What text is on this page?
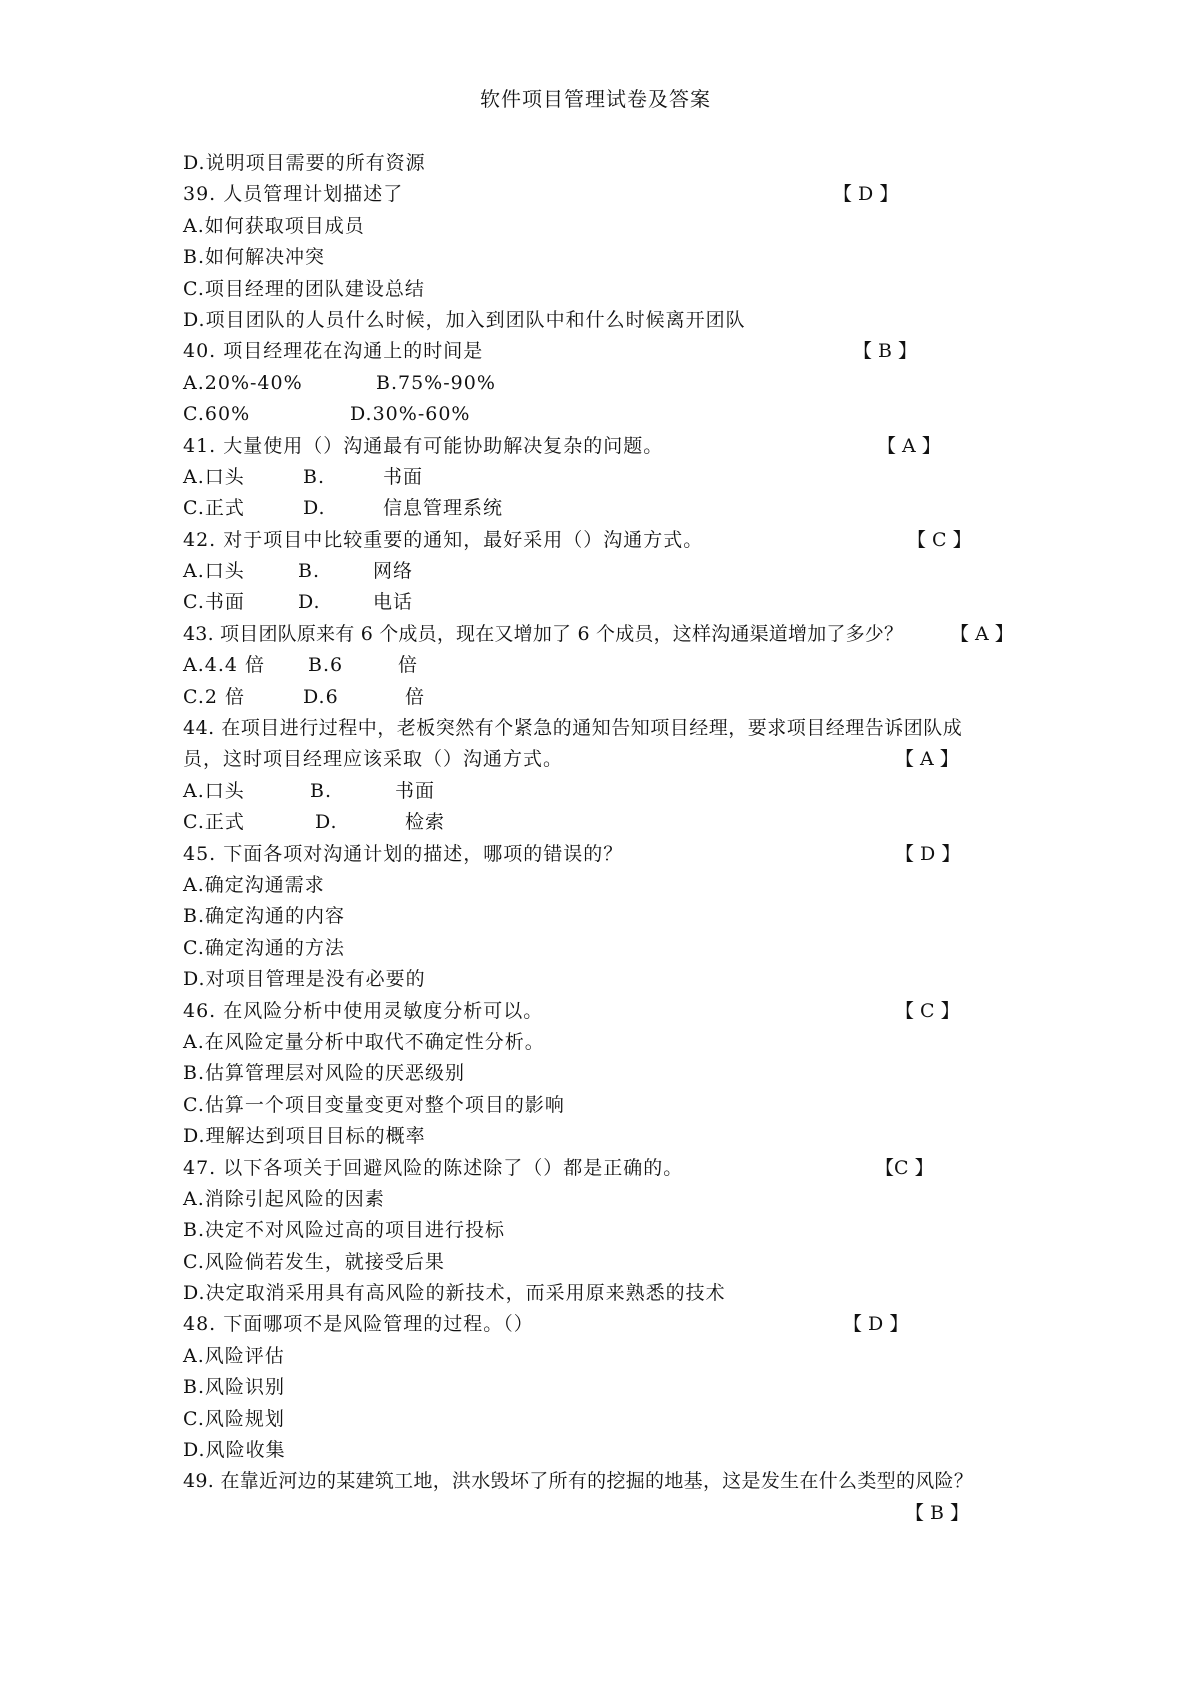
软件项目管理试卷及答案
D.说明项目需要的所有资源
39. 人员管理计划描述了	【 D 】
A.如何获取项目成员
B.如何解决冲突
C.项目经理的团队建设总结
D.项目团队的人员什么时候，加入到团队中和什么时候离开团队
40. 项目经理花在沟通上的时间是	【 B 】
A.20%-40%	B.75%-90%
C.60%	D.30%-60%
41. 大量使用（）沟通最有可能协助解决复杂的问题。	【 A 】
A.口头	B.	书面
C.正式	D.	信息管理系统
42. 对于项目中比较重要的通知，最好采用（）沟通方式。	【 C 】
A.口头	B.	网络
C.书面	D.	电话
43. 项目团队原来有 6 个成员，现在又增加了 6 个成员，这样沟通渠道增加了多少？ 【 A 】
A.4.4 倍 B.6	倍
C.2 倍	D.6	倍
44. 在项目进行过程中，老板突然有个紧急的通知告知项目经理，要求项目经理告诉团队成
员，这时项目经理应该采取（）沟通方式。	【 A 】
A.口头	B.	书面
C.正式	D.	检索
45. 下面各项对沟通计划的描述，哪项的错误的？	【 D 】
A.确定沟通需求
B.确定沟通的内容
C.确定沟通的方法
D.对项目管理是没有必要的
46. 在风险分析中使用灵敏度分析可以。	【 C 】
A.在风险定量分析中取代不确定性分析。
B.估算管理层对风险的厌恶级别
C.估算一个项目变量变更对整个项目的影响
D.理解达到项目目标的概率
47. 以下各项关于回避风险的陈述除了（）都是正确的。	【C 】
A.消除引起风险的因素
B.决定不对风险过高的项目进行投标
C.风险倘若发生，就接受后果
D.决定取消采用具有高风险的新技术，而采用原来熟悉的技术
48. 下面哪项不是风险管理的过程。（）	【 D 】
A.风险评估
B.风险识别
C.风险规划
D.风险收集
49. 在靠近河边的某建筑工地，洪水毁坏了所有的挖掘的地基，这是发生在什么类型的风险？
【 B 】
